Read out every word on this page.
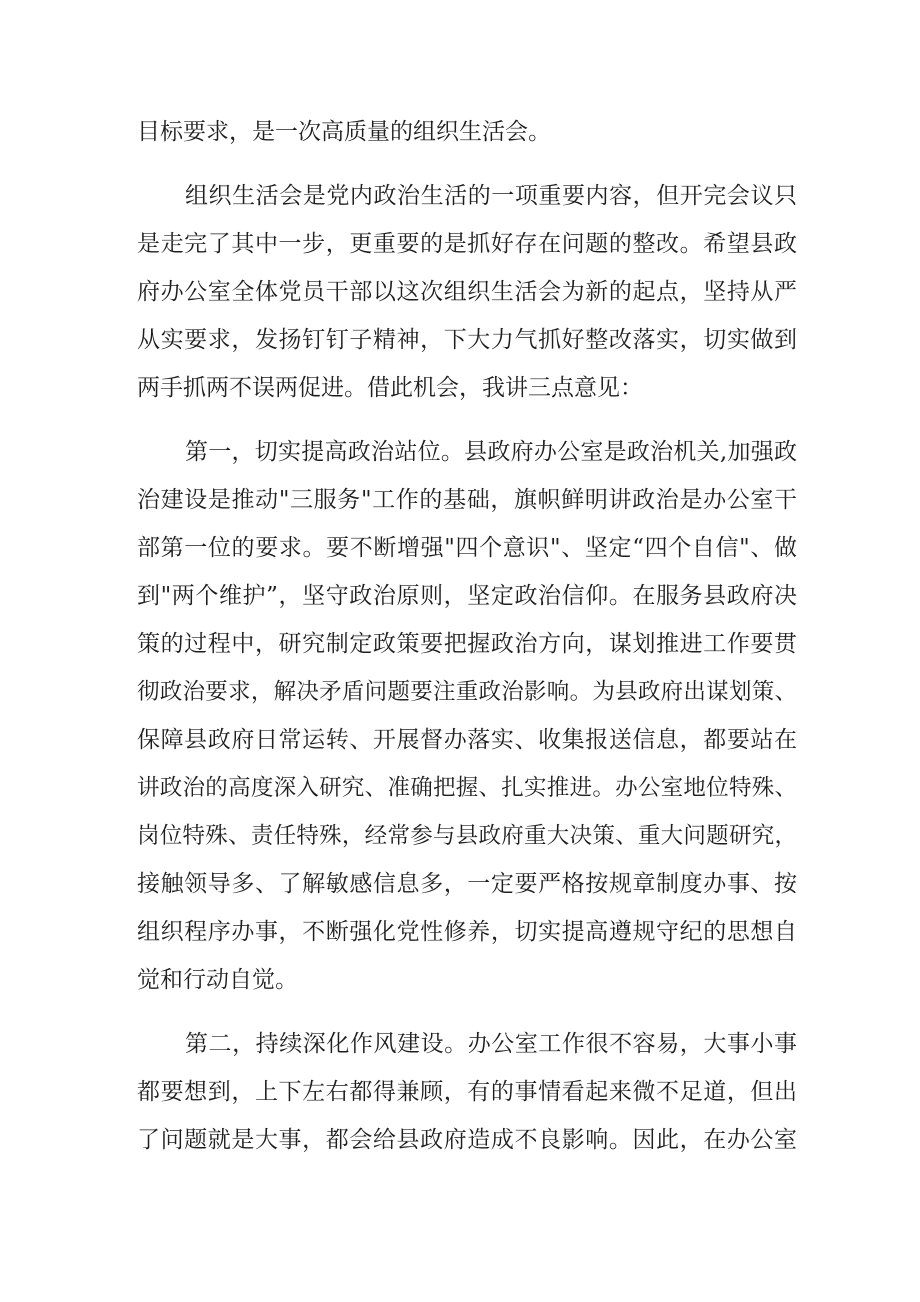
目标要求，是一次高质量的组织生活会。
组织生活会是党内政治生活的一项重要内容，但开完会议只
是走完了其中一步，更重要的是抓好存在问题的整改。希望县政
府办公室全体党员干部以这次组织生活会为新的起点，坚持从严
从实要求，发扬钉钉子精神，下大力气抓好整改落实，切实做到
两手抓两不误两促进。借此机会，我讲三点意见：
第一，切实提高政治站位。县政府办公室是政治机关,加强政
治建设是推动"三服务"工作的基础，旗帜鲜明讲政治是办公室干
部第一位的要求。要不断增强"四个意识"、坚定“四个自信"、做
到"两个维护”，坚守政治原则，坚定政治信仰。在服务县政府决
策的过程中，研究制定政策要把握政治方向，谋划推进工作要贯
彻政治要求，解决矛盾问题要注重政治影响。为县政府出谋划策、
保障县政府日常运转、开展督办落实、收集报送信息，都要站在
讲政治的高度深入研究、准确把握、扎实推进。办公室地位特殊、
岗位特殊、责任特殊，经常参与县政府重大决策、重大问题研究，
接触领导多、了解敏感信息多，一定要严格按规章制度办事、按
组织程序办事，不断强化党性修养，切实提高遵规守纪的思想自
觉和行动自觉。
第二，持续深化作风建设。办公室工作很不容易，大事小事
都要想到，上下左右都得兼顾，有的事情看起来微不足道，但出
了问题就是大事，都会给县政府造成不良影响。因此，在办公室
